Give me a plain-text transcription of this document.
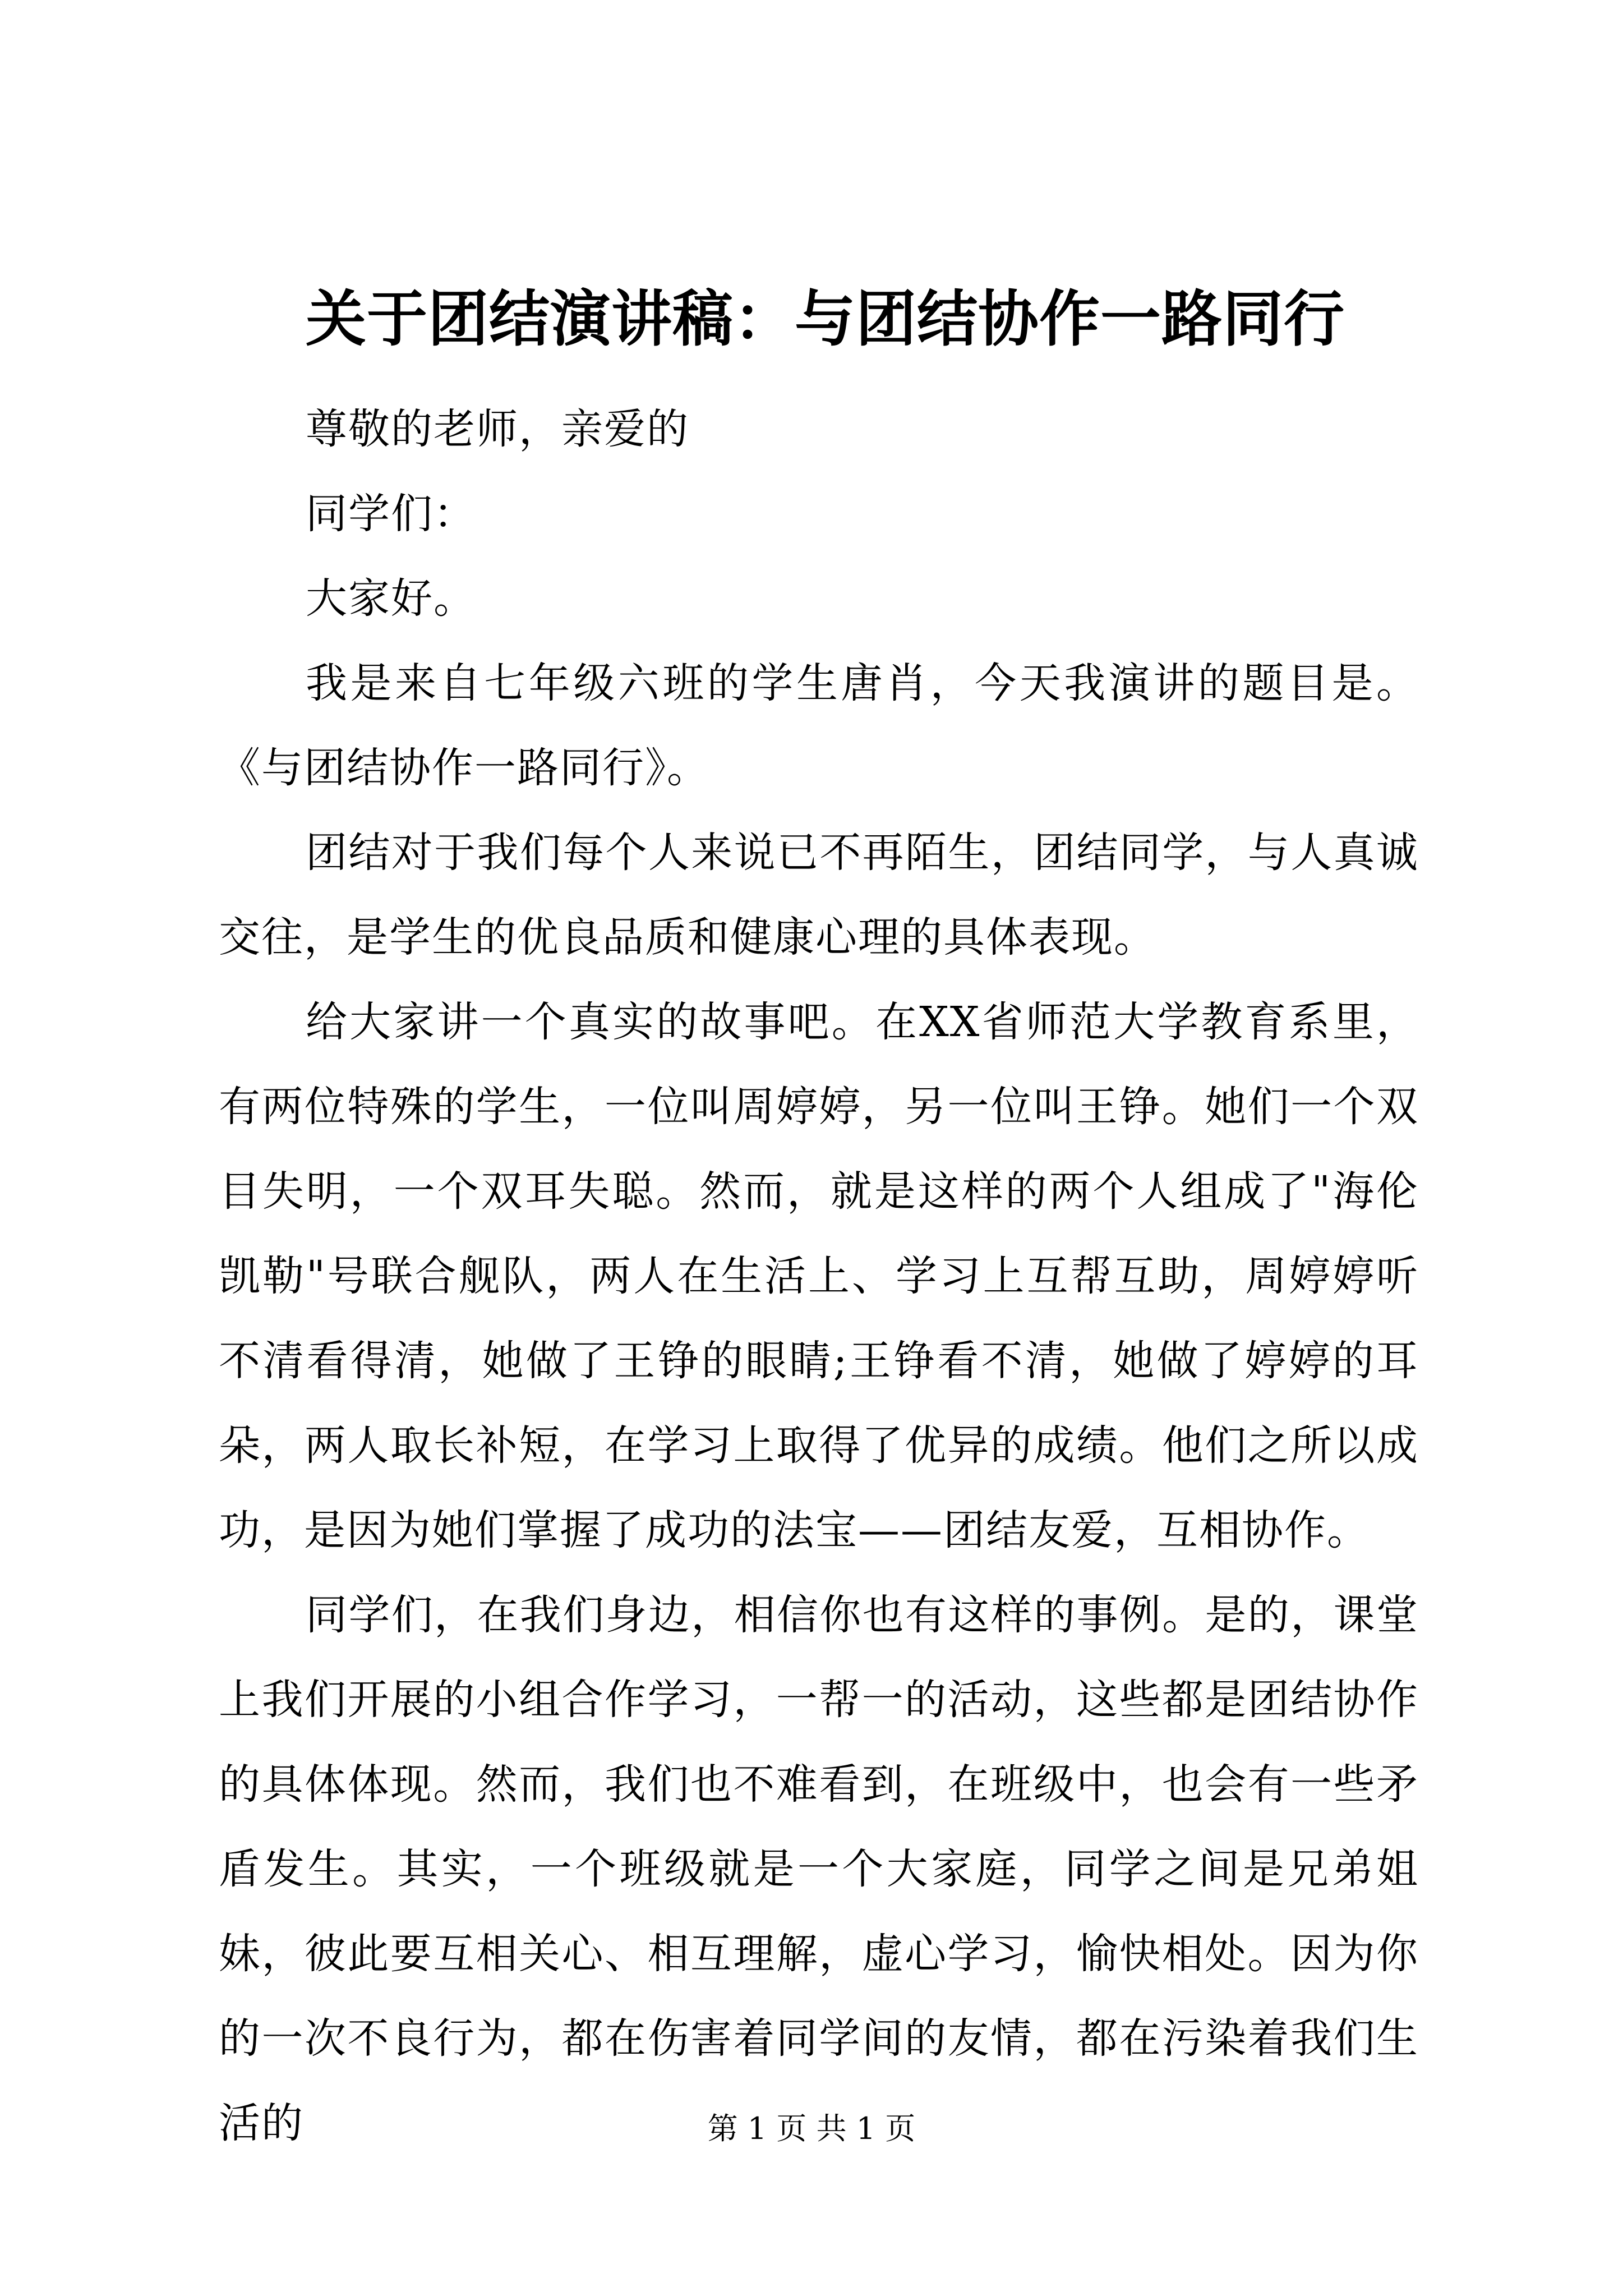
关于团结演讲稿：与团结协作一路同行

尊敬的老师，亲爱的

同学们：

大家好。

我是来自七年级六班的学生唐肖，今天我演讲的题目是。《与团结协作一路同行》。

团结对于我们每个人来说已不再陌生，团结同学，与人真诚交往，是学生的优良品质和健康心理的具体表现。

给大家讲一个真实的故事吧。在XX省师范大学教育系里，有两位特殊的学生，一位叫周婷婷，另一位叫王铮。她们一个双目失明，一个双耳失聪。然而，就是这样的两个人组成了"海伦凯勒"号联合舰队，两人在生活上、学习上互帮互助，周婷婷听不清看得清，她做了王铮的眼睛;王铮看不清，她做了婷婷的耳朵，两人取长补短，在学习上取得了优异的成绩。他们之所以成功，是因为她们掌握了成功的法宝——团结友爱，互相协作。

同学们，在我们身边，相信你也有这样的事例。是的，课堂上我们开展的小组合作学习，一帮一的活动，这些都是团结协作的具体体现。然而，我们也不难看到，在班级中，也会有一些矛盾发生。其实，一个班级就是一个大家庭，同学之间是兄弟姐妹，彼此要互相关心、相互理解，虚心学习，愉快相处。因为你的一次不良行为，都在伤害着同学间的友情，都在污染着我们生活的	第 1 页 共 1 页
